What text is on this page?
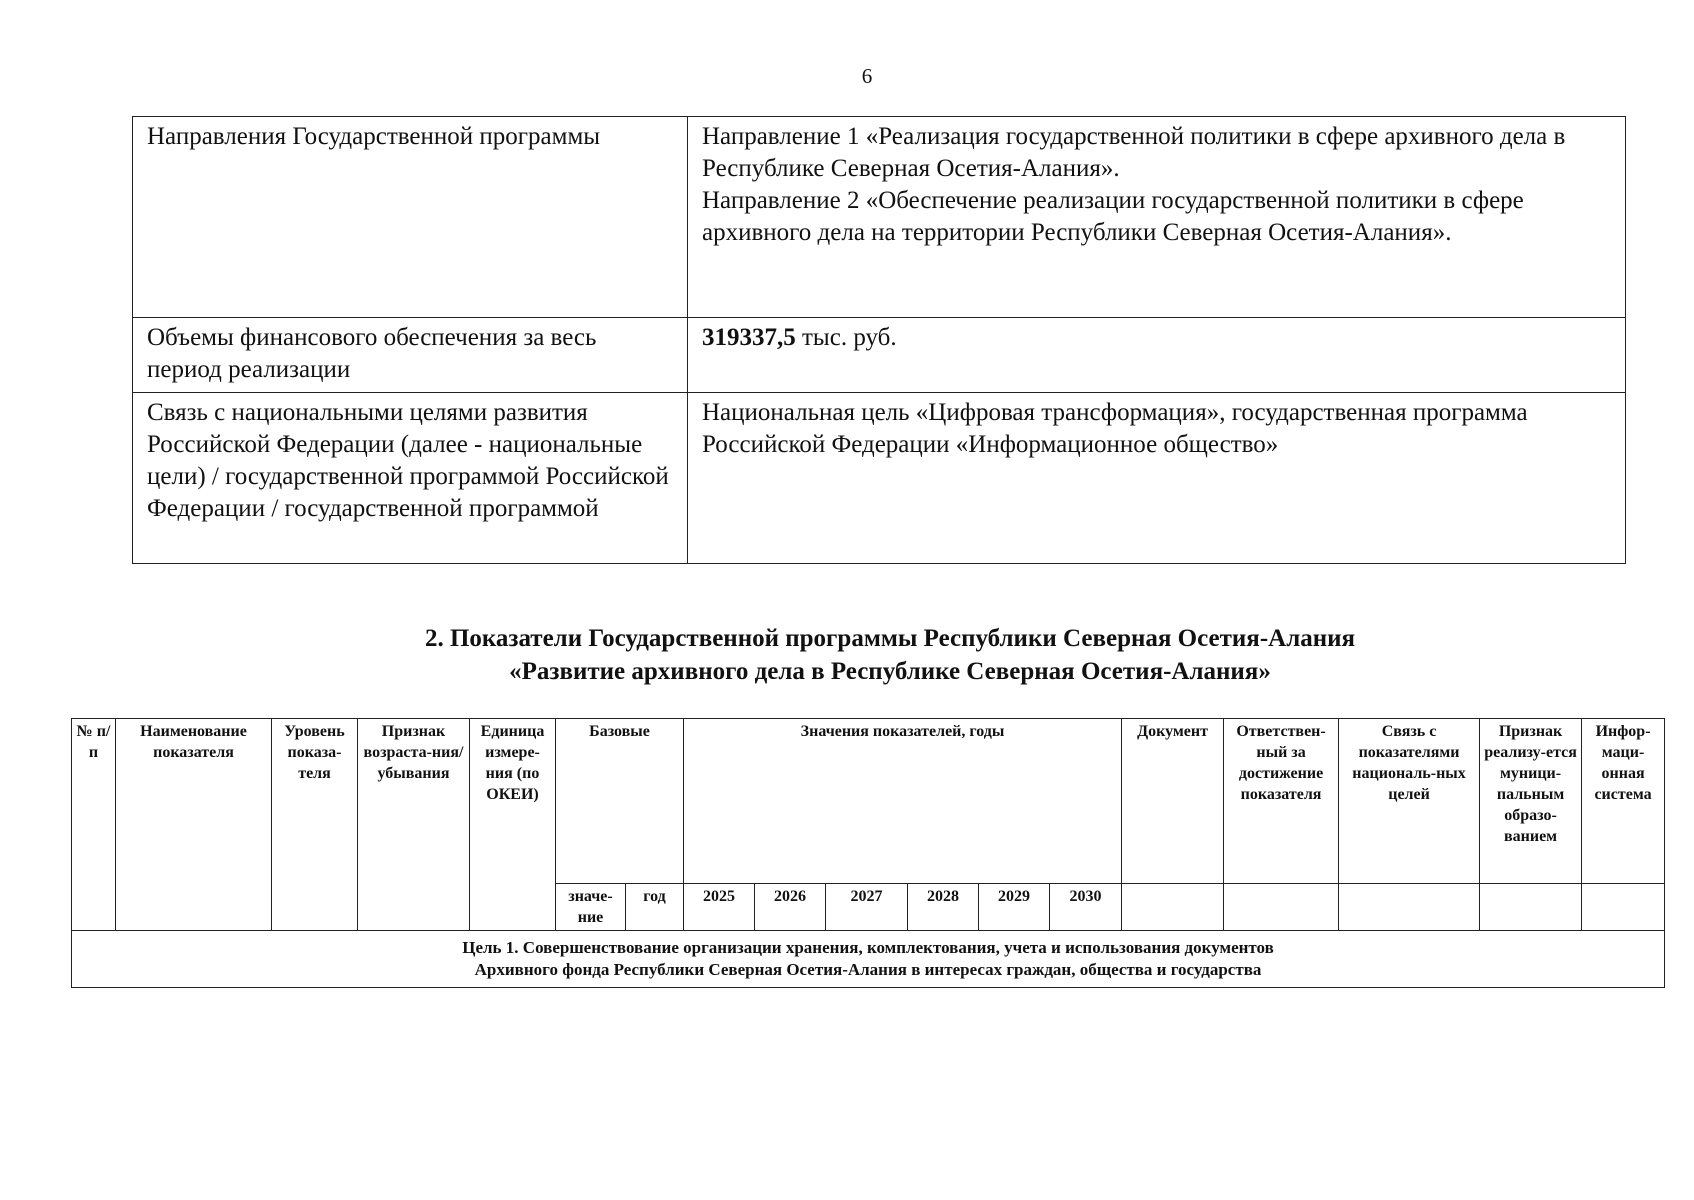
6
Направления Государственной программы	Направление 1 «Реализация государственной политики в сфере архивного дела в Республике Северная Осетия-Алания».
Направление 2 «Обеспечение реализации государственной политики в сфере архивного дела на территории Республики Северная Осетия-Алания».

Объемы финансового обеспечения за весь период реализации	319337,5 тыс. руб.
Связь с национальными целями развития Российской Федерации (далее - национальные цели) / государственной программой Российской Федерации / государственной программой	Национальная цель «Цифровая трансформация», государственная программа Российской Федерации «Информационное общество»
2. Показатели Государственной программы Республики Северная Осетия-Алания
«Развитие архивного дела в Республике Северная Осетия-Алания»
№ п/п	Наименование показателя	Уровень показа-теля	Признак возраста-ния/ убывания	Единица измере-ния (по ОКЕИ)	Базовые		Значения показателей, годы						Документ	Ответствен-ный за достижение показателя	Связь с показателями националь-ных целей	Признак реализу-ется муници-пальным образо-ванием	Инфор-маци-онная система
					значе-ние	год	2025	2026	2027	2028	2029	2030					

Цель 1. Совершенствование организации хранения, комплектования, учета и использования документов
Архивного фонда Республики Северная Осетия-Алания в интересах граждан, общества и государства																	
